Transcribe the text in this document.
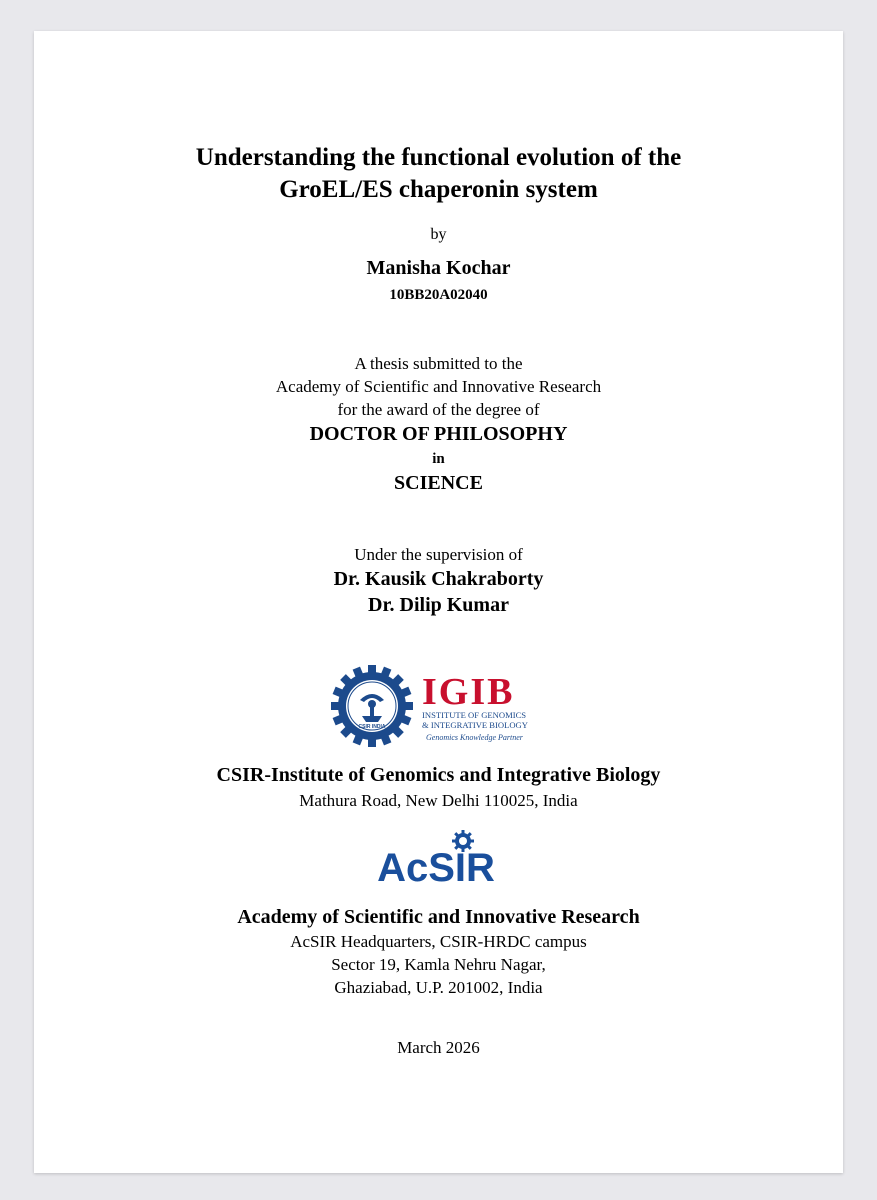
Understanding the functional evolution of the
GroEL/ES chaperonin system
by
Manisha Kochar
10BB20A02040
A thesis submitted to the
Academy of Scientific and Innovative Research
for the award of the degree of
DOCTOR OF PHILOSOPHY
in
SCIENCE
Under the supervision of
Dr. Kausik Chakraborty
Dr. Dilip Kumar
CSIR INDIA
IGIB
INSTITUTE OF GENOMICS
& INTEGRATIVE BIOLOGY
Genomics Knowledge Partner
CSIR-Institute of Genomics and Integrative Biology
Mathura Road, New Delhi 110025, India
AcSIR
Academy of Scientific and Innovative Research
AcSIR Headquarters, CSIR-HRDC campus
Sector 19, Kamla Nehru Nagar,
Ghaziabad, U.P. 201002, India
March 2026
